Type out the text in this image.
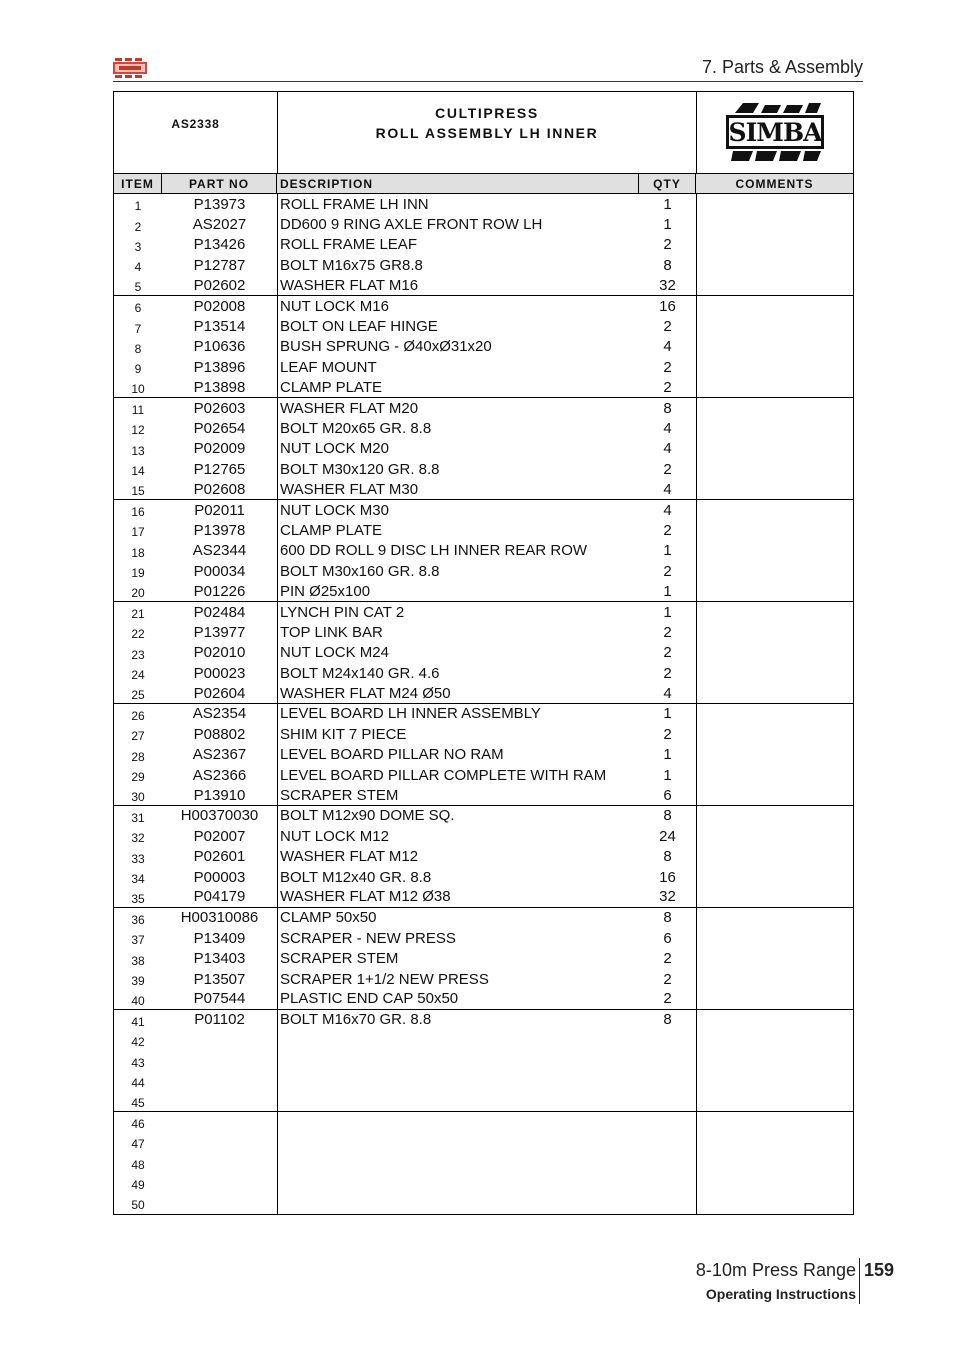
7. Parts & Assembly
AS2338
CULTIPRESS
ROLL ASSEMBLY LH INNER	SIMBA
ITEM	PART NO	DESCRIPTION	QTY	COMMENTS
1	P13973	ROLL FRAME LH INN	1
2	AS2027	DD600 9 RING AXLE FRONT ROW LH	1
3	P13426	ROLL FRAME LEAF	2
4	P12787	BOLT M16x75 GR8.8	8
5	P02602	WASHER FLAT M16	32
6	P02008	NUT LOCK M16	16
7	P13514	BOLT ON LEAF HINGE	2
8	P10636	BUSH SPRUNG - Ø40xØ31x20	4
9	P13896	LEAF MOUNT	2
10	P13898	CLAMP PLATE	2
11	P02603	WASHER FLAT M20	8
12	P02654	BOLT M20x65 GR. 8.8	4
13	P02009	NUT LOCK M20	4
14	P12765	BOLT M30x120 GR. 8.8	2
15	P02608	WASHER FLAT M30	4
16	P02011	NUT LOCK M30	4
17	P13978	CLAMP PLATE	2
18	AS2344	600 DD ROLL 9 DISC LH INNER REAR ROW	1
19	P00034	BOLT M30x160 GR. 8.8	2
20	P01226	PIN Ø25x100	1
21	P02484	LYNCH PIN CAT 2	1
22	P13977	TOP LINK BAR	2
23	P02010	NUT LOCK M24	2
24	P00023	BOLT M24x140 GR. 4.6	2
25	P02604	WASHER FLAT M24 Ø50	4
26	AS2354	LEVEL BOARD LH INNER ASSEMBLY	1
27	P08802	SHIM KIT 7 PIECE	2
28	AS2367	LEVEL BOARD PILLAR NO RAM	1
29	AS2366	LEVEL BOARD PILLAR COMPLETE WITH RAM	1
30	P13910	SCRAPER STEM	6
31	H00370030	BOLT M12x90 DOME SQ.	8
32	P02007	NUT LOCK M12	24
33	P02601	WASHER FLAT M12	8
34	P00003	BOLT M12x40 GR. 8.8	16
35	P04179	WASHER FLAT M12 Ø38	32
36	H00310086	CLAMP 50x50	8
37	P13409	SCRAPER - NEW PRESS	6
38	P13403	SCRAPER STEM	2
39	P13507	SCRAPER 1+1/2 NEW PRESS	2
40	P07544	PLASTIC END CAP 50x50	2
41	P01102	BOLT M16x70 GR. 8.8	8
42
43
44
45
46
47
48
49
50
8-10m Press Range 159
Operating Instructions
